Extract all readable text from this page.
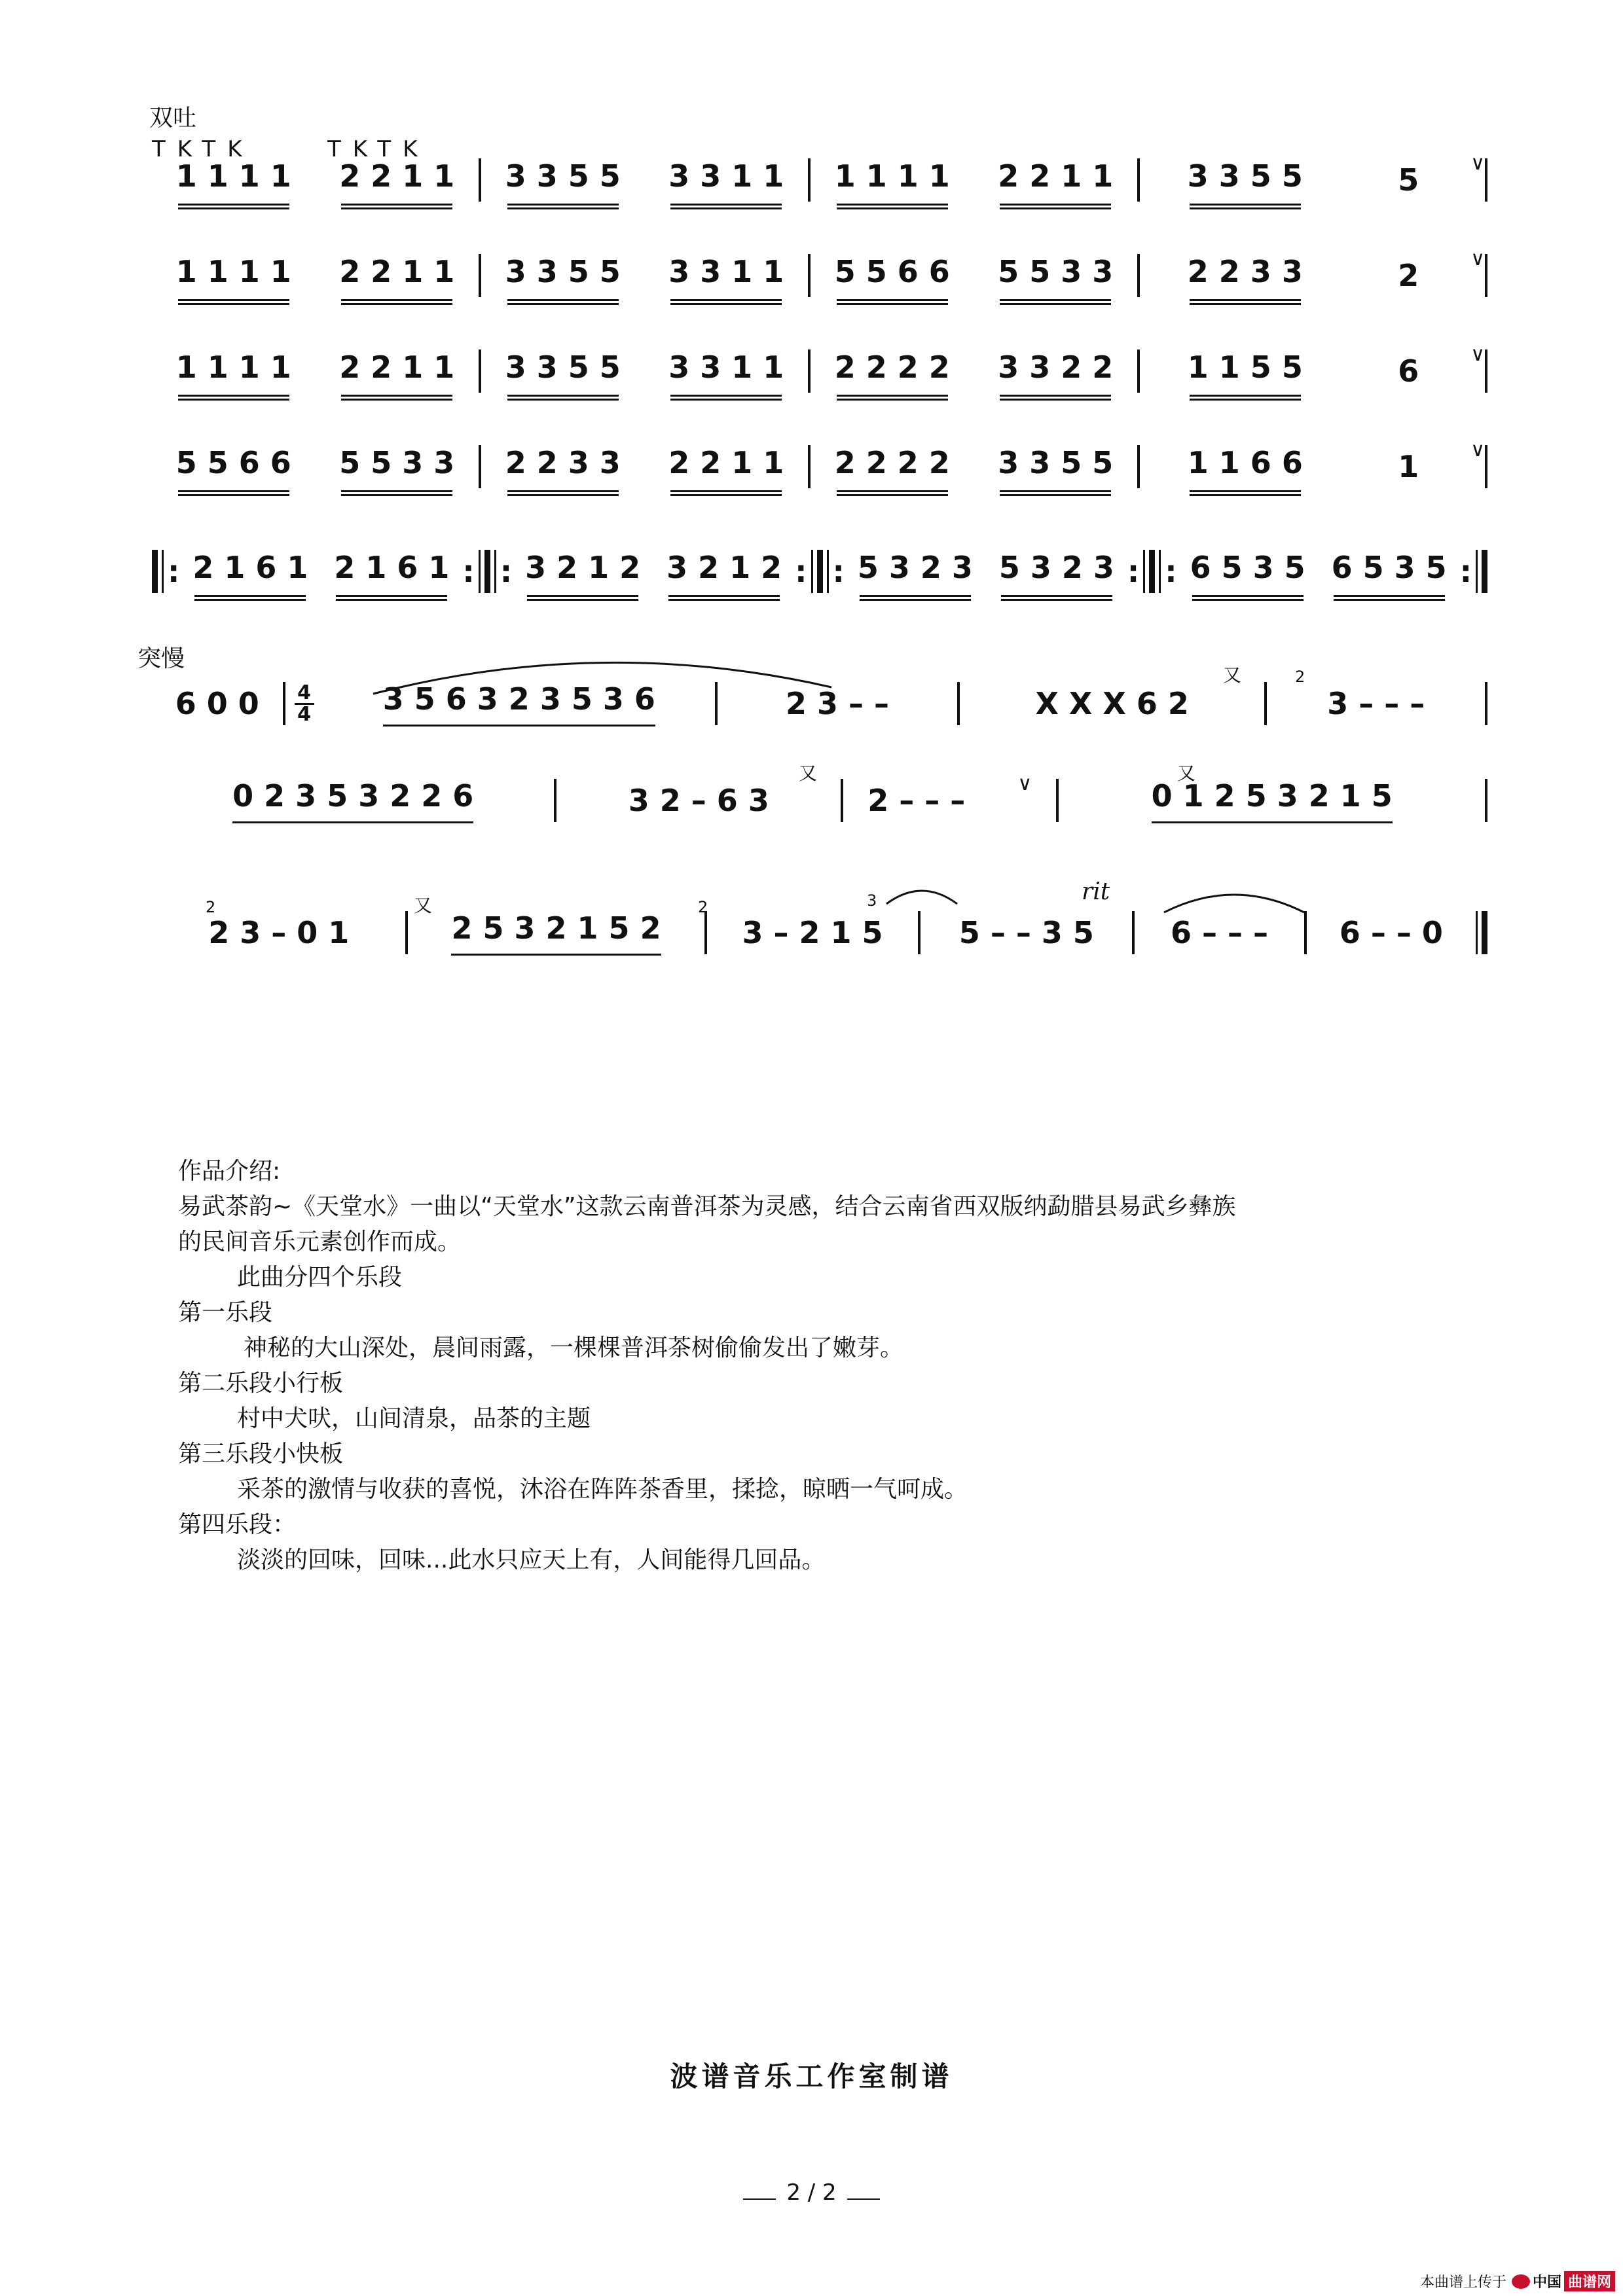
双吐
TKTK	TKTK
1 1 1 1 2 2 1 1 3 3 5 5 3 3 1 1 1 1 1 1 2 2 1 1 3 3 5 5	5	∨
1 1 1 1 2 2 1 1 3 3 5 5 3 3 1 1 5 5 6 6 5 5 3 3 2 2 3 3	2	∨
1 1 1 1 2 2 1 1 3 3 5 5 3 3 1 1 2 2 2 2 3 3 2 2 1 1 5 5	6	∨
5 5 6 6 5 5 3 3 2 2 3 3 2 2 1 1 2 2 2 2 3 3 5 5 1 1 6 6	1	∨
: 2 1 6 1 2 1 6 1 : : 3 2 1 2 3 2 1 2 : : 5 3 2 3 5 3 2 3 : : 6 5 3 5 6 5 3 5 :
突慢
6 0 0 4
4 3 5 6 3 2 3 5 3 6	2 3 – –	X X X 6 2	3 – – –
0 2 3 5 3 2 2 6	3 2 – 6 3	2 – – –	∨	0 1 2 5 3 2 1 5
2 3 – 0 1	2 5 3 2 1 5 2	3 – 2 1 5	5 – – 3 5	6 – – – 6 – – 0
又
又	又
又
2
2	2	3	rit
作品介绍:
易武茶韵~《天堂水》一曲以“天堂水”这款云南普洱茶为灵感，结合云南省西双版纳勐腊县易武乡彝族
的民间音乐元素创作而成。
此曲分四个乐段
第一乐段
神秘的大山深处，晨间雨露，一棵棵普洱茶树偷偷发出了嫩芽。
第二乐段小行板
村中犬吠，山间清泉，品茶的主题
第三乐段小快板
采茶的激情与收获的喜悦，沐浴在阵阵茶香里，揉捻，晾晒一气呵成。
第四乐段：
淡淡的回味，回味...此水只应天上有，人间能得几回品。
波谱音乐工作室制谱
2 / 2
本曲谱上传于 中国 曲谱网
